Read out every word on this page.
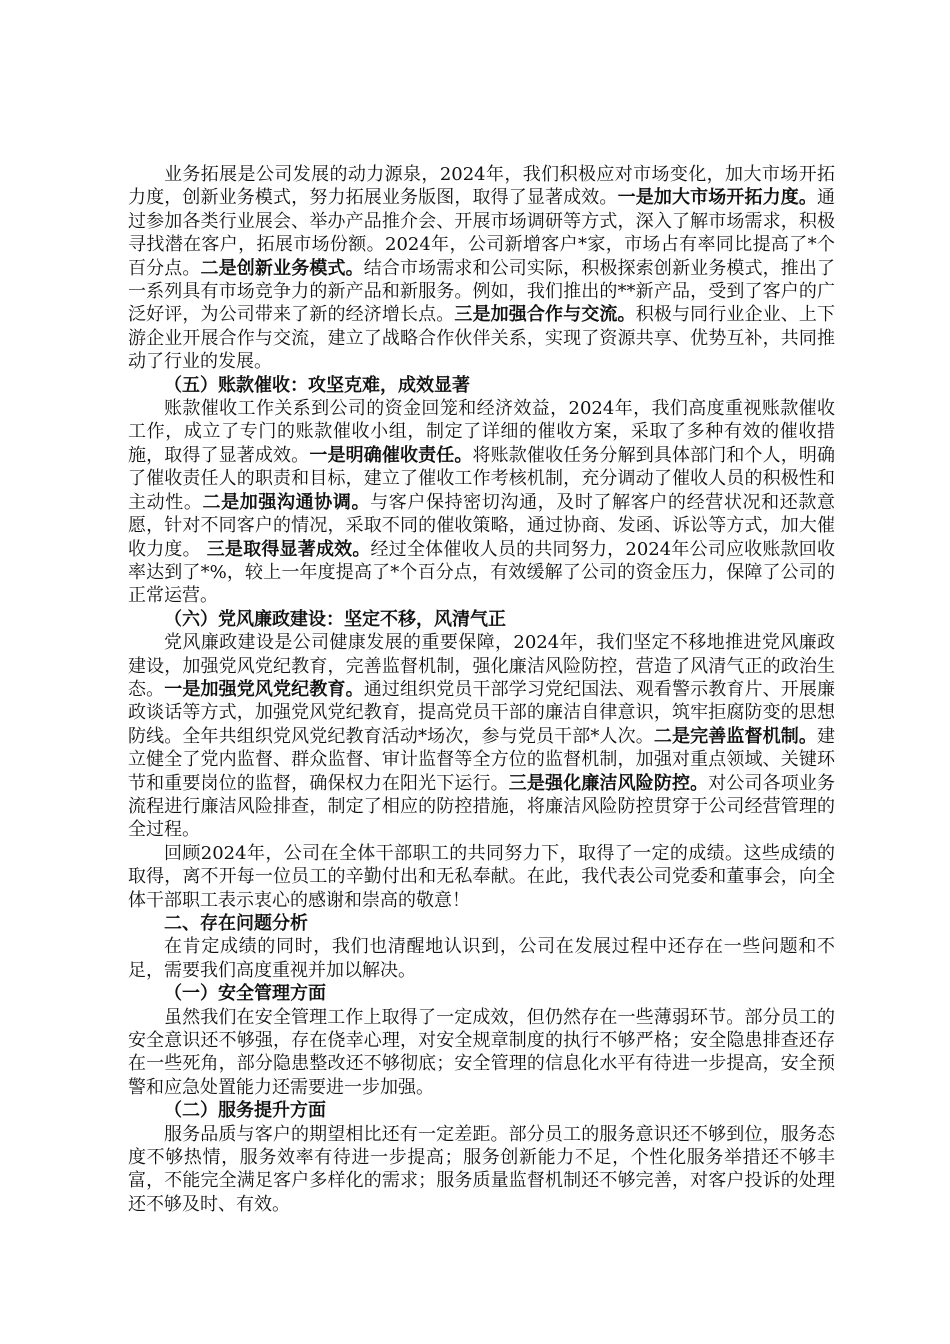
业务拓展是公司发展的动力源泉，2024年，我们积极应对市场变化，加大市场开拓力度，创新业务模式，努力拓展业务版图，取得了显著成效。一是加大市场开拓力度。通过参加各类行业展会、举办产品推介会、开展市场调研等方式，深入了解市场需求，积极寻找潜在客户，拓展市场份额。2024年，公司新增客户*家，市场占有率同比提高了*个百分点。二是创新业务模式。结合市场需求和公司实际，积极探索创新业务模式，推出了一系列具有市场竞争力的新产品和新服务。例如，我们推出的**新产品，受到了客户的广泛好评，为公司带来了新的经济增长点。三是加强合作与交流。积极与同行业企业、上下游企业开展合作与交流，建立了战略合作伙伴关系，实现了资源共享、优势互补，共同推动了行业的发展。

（五）账款催收：攻坚克难，成效显著

账款催收工作关系到公司的资金回笼和经济效益，2024年，我们高度重视账款催收工作，成立了专门的账款催收小组，制定了详细的催收方案，采取了多种有效的催收措施，取得了显著成效。一是明确催收责任。将账款催收任务分解到具体部门和个人，明确了催收责任人的职责和目标，建立了催收工作考核机制，充分调动了催收人员的积极性和主动性。二是加强沟通协调。与客户保持密切沟通，及时了解客户的经营状况和还款意愿，针对不同客户的情况，采取不同的催收策略，通过协商、发函、诉讼等方式，加大催收力度。 三是取得显著成效。经过全体催收人员的共同努力，2024年公司应收账款回收率达到了*%，较上一年度提高了*个百分点，有效缓解了公司的资金压力，保障了公司的正常运营。

（六）党风廉政建设：坚定不移，风清气正

党风廉政建设是公司健康发展的重要保障，2024年，我们坚定不移地推进党风廉政建设，加强党风党纪教育，完善监督机制，强化廉洁风险防控，营造了风清气正的政治生态。一是加强党风党纪教育。通过组织党员干部学习党纪国法、观看警示教育片、开展廉政谈话等方式，加强党风党纪教育，提高党员干部的廉洁自律意识，筑牢拒腐防变的思想防线。全年共组织党风党纪教育活动*场次，参与党员干部*人次。二是完善监督机制。建立健全了党内监督、群众监督、审计监督等全方位的监督机制，加强对重点领域、关键环节和重要岗位的监督，确保权力在阳光下运行。三是强化廉洁风险防控。对公司各项业务流程进行廉洁风险排查，制定了相应的防控措施，将廉洁风险防控贯穿于公司经营管理的全过程。

回顾2024年，公司在全体干部职工的共同努力下，取得了一定的成绩。这些成绩的取得，离不开每一位员工的辛勤付出和无私奉献。在此，我代表公司党委和董事会，向全体干部职工表示衷心的感谢和崇高的敬意！

二、存在问题分析

在肯定成绩的同时，我们也清醒地认识到，公司在发展过程中还存在一些问题和不足，需要我们高度重视并加以解决。

（一）安全管理方面

虽然我们在安全管理工作上取得了一定成效，但仍然存在一些薄弱环节。部分员工的安全意识还不够强，存在侥幸心理，对安全规章制度的执行不够严格；安全隐患排查还存在一些死角，部分隐患整改还不够彻底；安全管理的信息化水平有待进一步提高，安全预警和应急处置能力还需要进一步加强。

（二）服务提升方面

服务品质与客户的期望相比还有一定差距。部分员工的服务意识还不够到位，服务态度不够热情，服务效率有待进一步提高；服务创新能力不足，个性化服务举措还不够丰富，不能完全满足客户多样化的需求；服务质量监督机制还不够完善，对客户投诉的处理还不够及时、有效。
